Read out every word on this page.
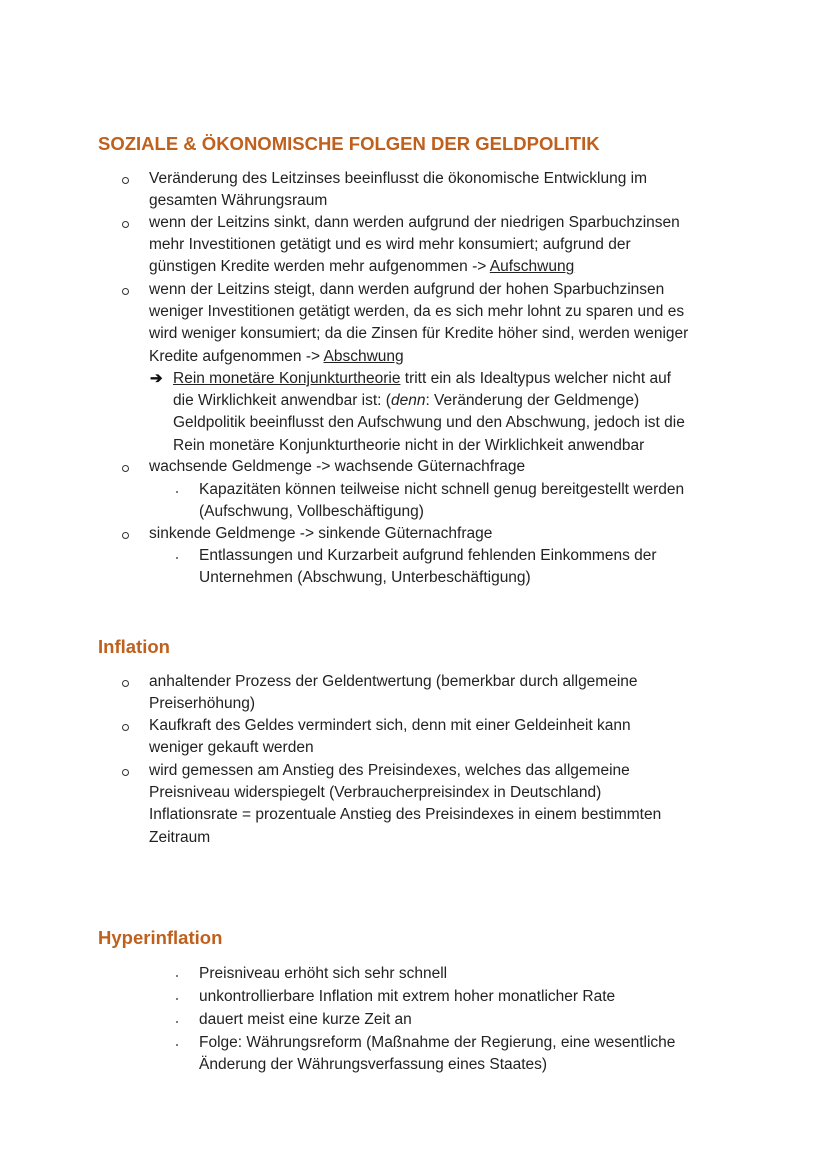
SOZIALE & ÖKONOMISCHE FOLGEN DER GELDPOLITIK
Veränderung des Leitzinses beeinflusst die ökonomische Entwicklung im
gesamten Währungsraum
wenn der Leitzins sinkt, dann werden aufgrund der niedrigen Sparbuchzinsen
mehr Investitionen getätigt und es wird mehr konsumiert; aufgrund der
günstigen Kredite werden mehr aufgenommen -> Aufschwung
wenn der Leitzins steigt, dann werden aufgrund der hohen Sparbuchzinsen
weniger Investitionen getätigt werden, da es sich mehr lohnt zu sparen und es
wird weniger konsumiert; da die Zinsen für Kredite höher sind, werden weniger
Kredite aufgenommen -> Abschwung
➔ Rein monetäre Konjunkturtheorie tritt ein als Idealtypus welcher nicht auf
die Wirklichkeit anwendbar ist: (denn: Veränderung der Geldmenge)
Geldpolitik beeinflusst den Aufschwung und den Abschwung, jedoch ist die
Rein monetäre Konjunkturtheorie nicht in der Wirklichkeit anwendbar
wachsende Geldmenge -> wachsende Güternachfrage
Kapazitäten können teilweise nicht schnell genug bereitgestellt werden
(Aufschwung, Vollbeschäftigung)
sinkende Geldmenge -> sinkende Güternachfrage
Entlassungen und Kurzarbeit aufgrund fehlenden Einkommens der
Unternehmen (Abschwung, Unterbeschäftigung)
Inflation
anhaltender Prozess der Geldentwertung (bemerkbar durch allgemeine
Preiserhöhung)
Kaufkraft des Geldes vermindert sich, denn mit einer Geldeinheit kann
weniger gekauft werden
wird gemessen am Anstieg des Preisindexes, welches das allgemeine
Preisniveau widerspiegelt (Verbraucherpreisindex in Deutschland)
Inflationsrate = prozentuale Anstieg des Preisindexes in einem bestimmten
Zeitraum
Hyperinflation
Preisniveau erhöht sich sehr schnell
unkontrollierbare Inflation mit extrem hoher monatlicher Rate
dauert meist eine kurze Zeit an
Folge: Währungsreform (Maßnahme der Regierung, eine wesentliche
Änderung der Währungsverfassung eines Staates)
